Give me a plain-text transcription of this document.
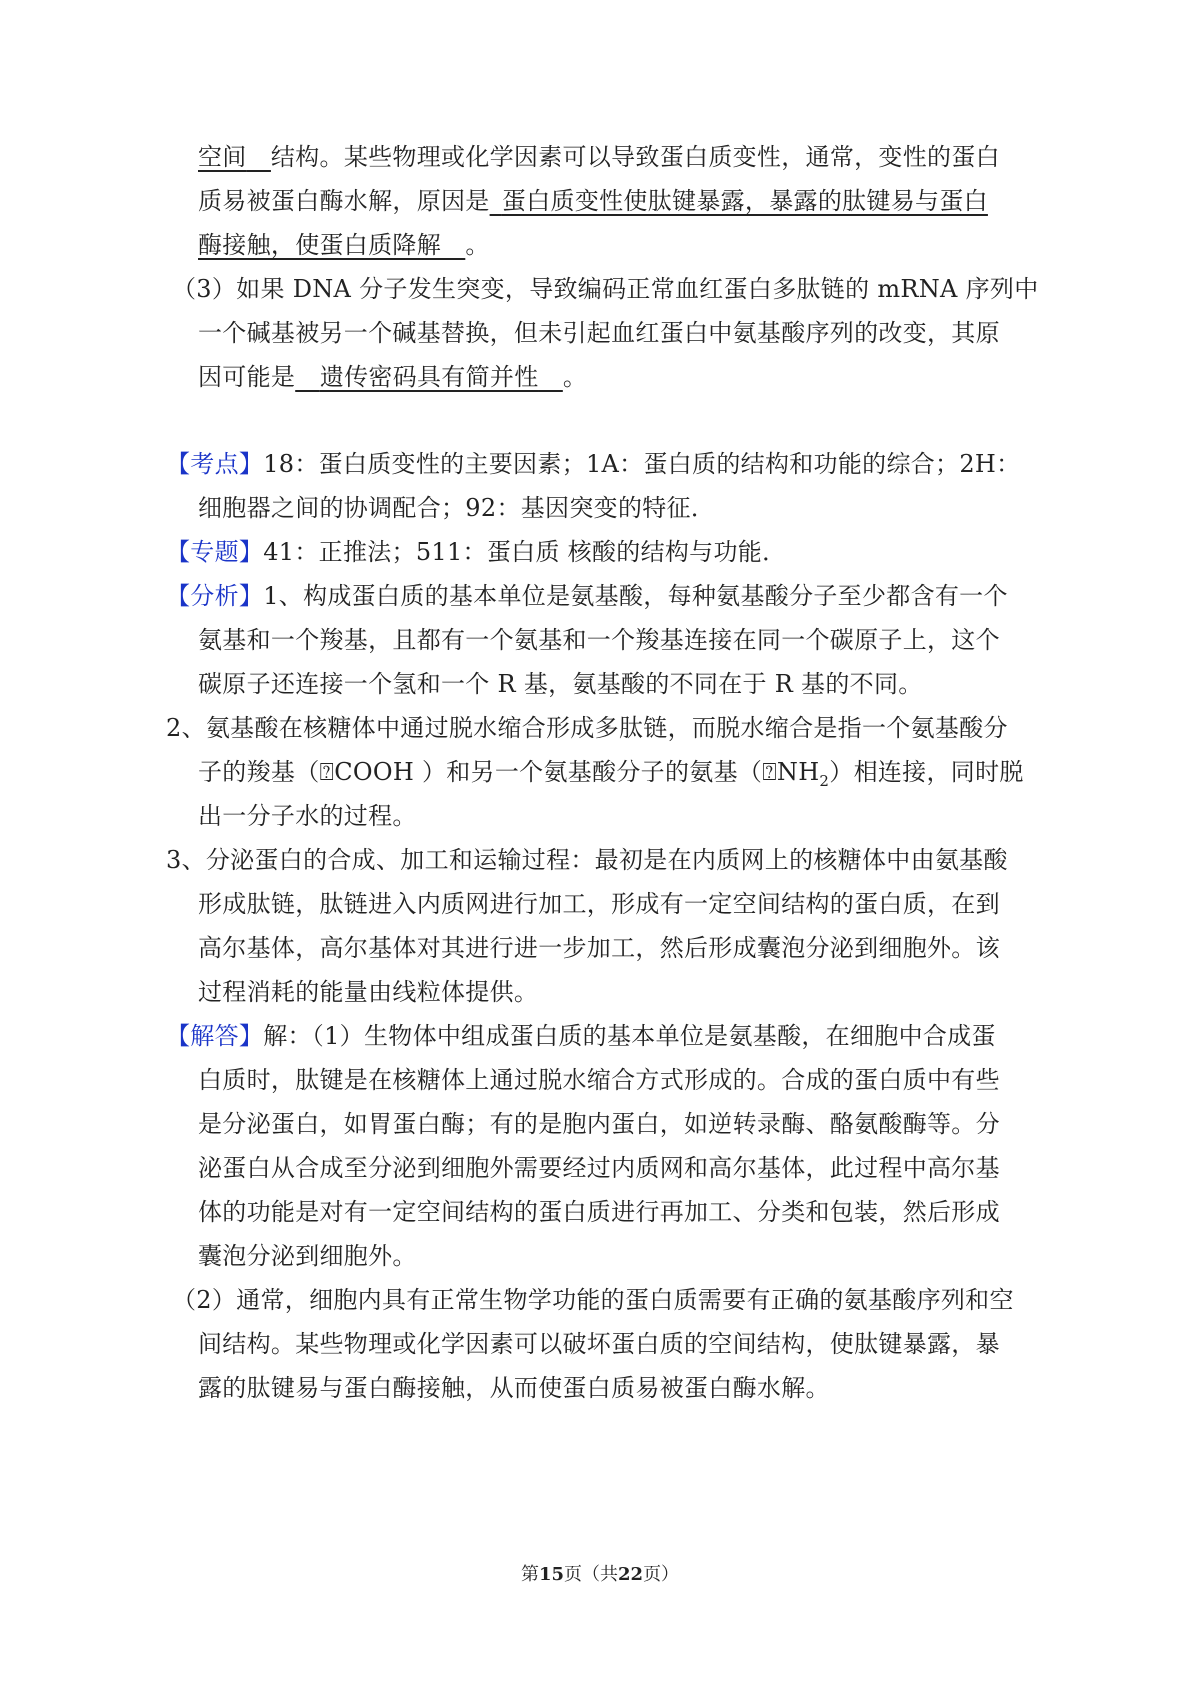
空间  结构。某些物理或化学因素可以导致蛋白质变性，通常，变性的蛋白
质易被蛋白酶水解，原因是  蛋白质变性使肽键暴露，暴露的肽键易与蛋白
酶接触，使蛋白质降解  。
（3）如果 DNA 分子发生突变，导致编码正常血红蛋白多肽链的 mRNA 序列中
一个碱基被另一个碱基替换，但未引起血红蛋白中氨基酸序列的改变，其原
因可能是   遗传密码具有简并性  。
【考点】18：蛋白质变性的主要因素；1A：蛋白质的结构和功能的综合；2H：
细胞器之间的协调配合；92：基因突变的特征．
【专题】41：正推法；511：蛋白质 核酸的结构与功能．
【分析】1、构成蛋白质的基本单位是氨基酸，每种氨基酸分子至少都含有一个
氨基和一个羧基，且都有一个氨基和一个羧基连接在同一个碳原子上，这个
碳原子还连接一个氢和一个 R 基，氨基酸的不同在于 R 基的不同。
2、氨基酸在核糖体中通过脱水缩合形成多肽链，而脱水缩合是指一个氨基酸分
子的羧基（⍰COOH ）和另一个氨基酸分子的氨基$(⍰NH_2)$相连接，同时脱
出一分子水的过程。
3、分泌蛋白的合成、加工和运输过程：最初是在内质网上的核糖体中由氨基酸
形成肽链，肽链进入内质网进行加工，形成有一定空间结构的蛋白质，在到
高尔基体，高尔基体对其进行进一步加工，然后形成囊泡分泌到细胞外。该
过程消耗的能量由线粒体提供。
【解答】解：（1）生物体中组成蛋白质的基本单位是氨基酸，在细胞中合成蛋
白质时，肽键是在核糖体上通过脱水缩合方式形成的。合成的蛋白质中有些
是分泌蛋白，如胃蛋白酶；有的是胞内蛋白，如逆转录酶、酪氨酸酶等。分
泌蛋白从合成至分泌到细胞外需要经过内质网和高尔基体，此过程中高尔基
体的功能是对有一定空间结构的蛋白质进行再加工、分类和包装，然后形成
囊泡分泌到细胞外。
（2）通常，细胞内具有正常生物学功能的蛋白质需要有正确的氨基酸序列和空
间结构。某些物理或化学因素可以破坏蛋白质的空间结构，使肽键暴露，暴
露的肽键易与蛋白酶接触，从而使蛋白质易被蛋白酶水解。
第15页（共22页）
